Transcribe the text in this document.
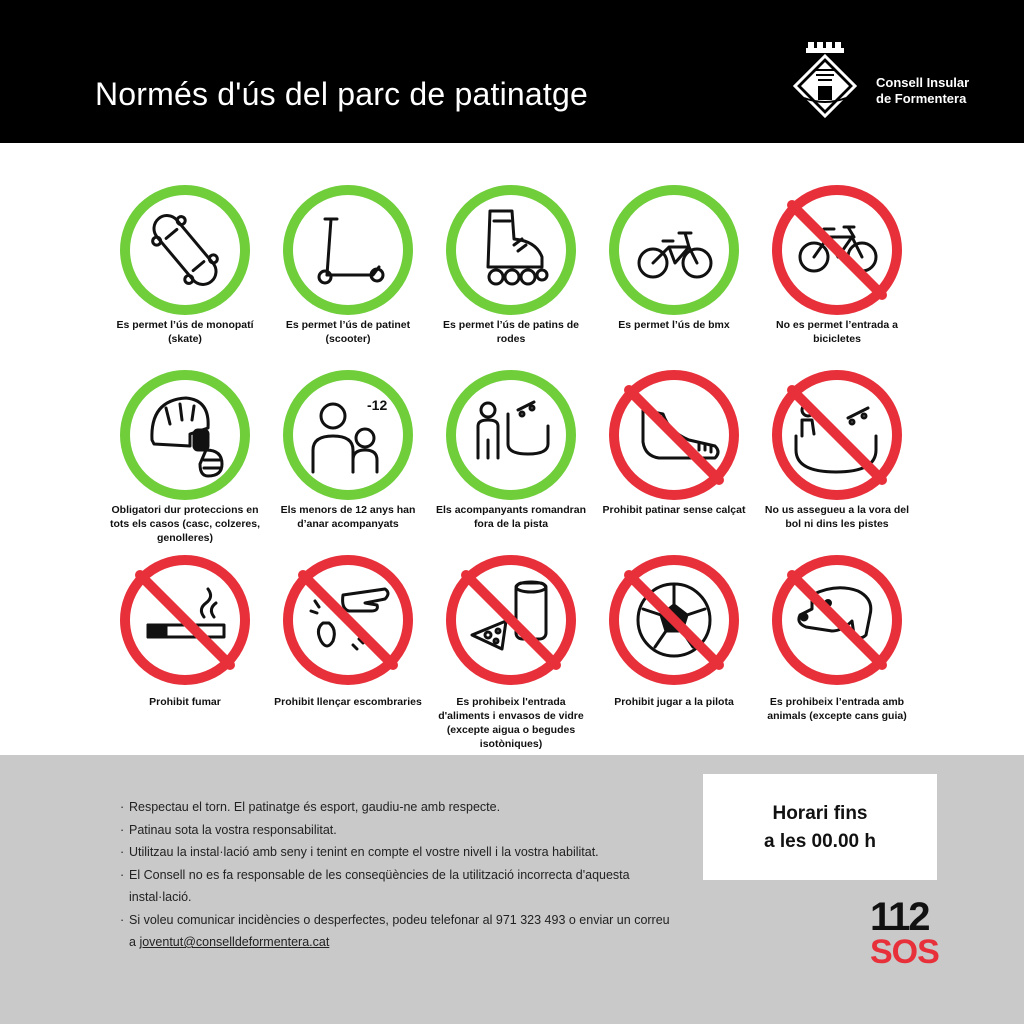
Normés d'ús del parc de patinatge	Consell Insular
de Formentera
Es permet l’ús de monopatí (skate)
Es permet l’ús de patinet (scooter)
Es permet l’ús de patins de rodes
Es permet l’ús de bmx	No es permet l’entrada a bicicletes
Obligatori dur proteccions en tots els casos (casc, colzeres, genolleres)
-12
Els menors de 12 anys han d’anar acompanyats
Els acompanyants romandran fora de la pista
Prohibit patinar sense calçat	No us assegueu a la vora del bol ni dins les pistes
Prohibit fumar	Prohibit llençar escombraries	Es prohibeix l'entrada d'aliments i envasos de vidre (excepte aigua o begudes isotòniques)
Prohibit jugar a la pilota	Es prohibeix l’entrada amb animals (excepte cans guia)
· Respectau el torn. El patinatge és esport, gaudiu-ne amb respecte.
· Patinau sota la vostra responsabilitat.
· Utilitzau la instal·lació amb seny i tenint en compte el vostre nivell i la vostra habilitat.
· El Consell no es fa responsable de les conseqüències de la utilització incorrecta d'aquesta instal·lació.
· Si voleu comunicar incidències o desperfectes, podeu telefonar al 971 323 493 o enviar un correu a joventut@conselldeformentera.cat
Horari fins
a les 00.00 h
112
SOS
